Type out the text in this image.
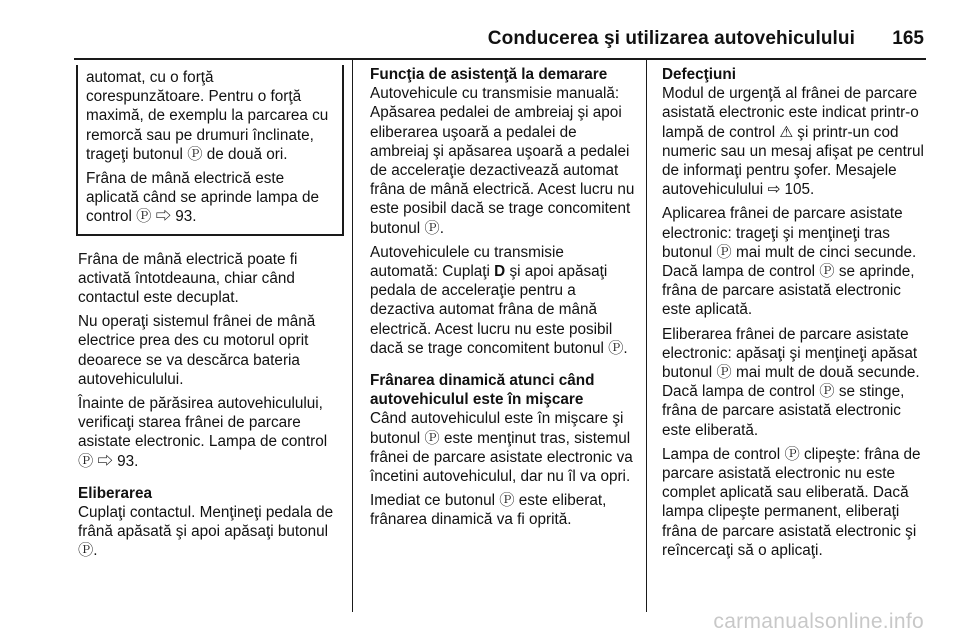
Conducerea şi utilizarea autovehiculului 165

automat, cu o forţă corespunzătoare. Pentru o forţă maximă, de exemplu la parcarea cu remorcă sau pe drumuri înclinate, trageţi butonul Ⓟ de două ori.

Frâna de mână electrică este aplicată când se aprinde lampa de control Ⓟ ⇨ 93.

Frâna de mână electrică poate fi activată întotdeauna, chiar când contactul este decuplat.

Nu operaţi sistemul frânei de mână electrice prea des cu motorul oprit deoarece se va descărca bateria autovehiculului.

Înainte de părăsirea autovehiculului, verificaţi starea frânei de parcare asistate electronic. Lampa de control Ⓟ ⇨ 93.

Eliberarea

Cuplaţi contactul. Menţineţi pedala de frână apăsată şi apoi apăsaţi butonul Ⓟ.

Funcţia de asistenţă la demarare

Autovehicule cu transmisie manuală: Apăsarea pedalei de ambreiaj şi apoi eliberarea uşoară a pedalei de ambreiaj şi apăsarea uşoară a pedalei de acceleraţie dezactivează automat frâna de mână electrică. Acest lucru nu este posibil dacă se trage concomitent butonul Ⓟ.

Autovehiculele cu transmisie automată: Cuplaţi D şi apoi apăsaţi pedala de acceleraţie pentru a dezactiva automat frâna de mână electrică. Acest lucru nu este posibil dacă se trage concomitent butonul Ⓟ.

Frânarea dinamică atunci când autovehiculul este în mişcare

Când autovehiculul este în mişcare şi butonul Ⓟ este menţinut tras, sistemul frânei de parcare asistate electronic va încetini autovehiculul, dar nu îl va opri.

Imediat ce butonul Ⓟ este eliberat, frânarea dinamică va fi oprită.

Defecţiuni

Modul de urgenţă al frânei de parcare asistată electronic este indicat printr-o lampă de control ⚠ şi printr-un cod numeric sau un mesaj afişat pe centrul de informaţi pentru şofer. Mesajele autovehiculului ⇨ 105.

Aplicarea frânei de parcare asistate electronic: trageţi şi menţineţi tras butonul Ⓟ mai mult de cinci secunde. Dacă lampa de control Ⓟ se aprinde, frâna de parcare asistată electronic este aplicată.

Eliberarea frânei de parcare asistate electronic: apăsaţi şi menţineţi apăsat butonul Ⓟ mai mult de două secunde. Dacă lampa de control Ⓟ se stinge, frâna de parcare asistată electronic este eliberată.

Lampa de control Ⓟ clipeşte: frâna de parcare asistată electronic nu este complet aplicată sau eliberată. Dacă lampa clipeşte permanent, eliberaţi frâna de parcare asistată electronic şi reîncercaţi să o aplicaţi.

carmanualsonline.info
